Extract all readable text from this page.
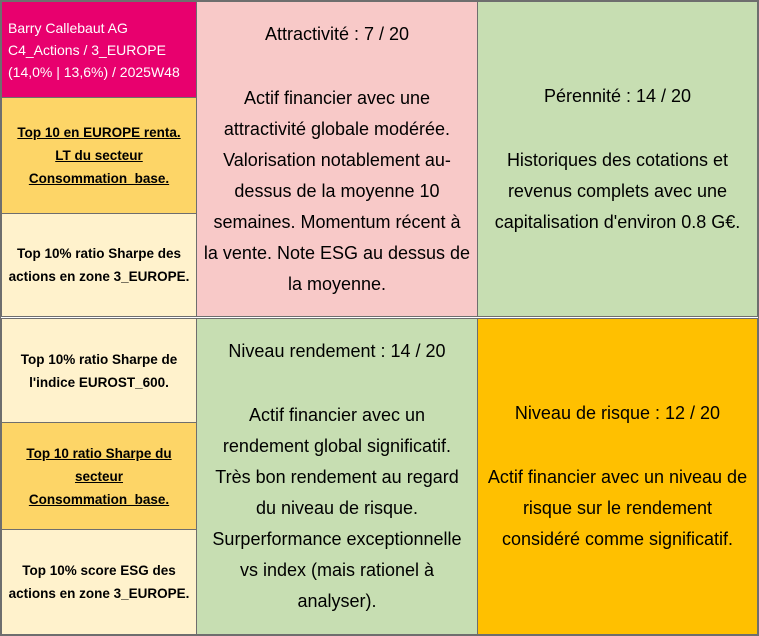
Barry Callebaut AG
C4_Actions / 3_EUROPE
(14,0% | 13,6%) / 2025W48
Top 10 en EUROPE renta.
LT du secteur
Consommation_base.
Top 10% ratio Sharpe des
actions en zone 3_EUROPE.
Top 10% ratio Sharpe de
l'indice EUROST_600.
Top 10 ratio Sharpe du
secteur
Consommation_base.
Top 10% score ESG des
actions en zone 3_EUROPE.
Attractivité : 7 / 20
Actif financier avec une
attractivité globale modérée.
Valorisation notablement au-
dessus de la moyenne 10
semaines. Momentum récent à
la vente. Note ESG au dessus de
la moyenne.
Pérennité : 14 / 20
Historiques des cotations et
revenus complets avec une
capitalisation d'environ 0.8 G€.
Niveau rendement : 14 / 20
Actif financier avec un
rendement global significatif.
Très bon rendement au regard
du niveau de risque.
Surperformance exceptionnelle
vs index (mais rationel à
analyser).
Niveau de risque : 12 / 20
Actif financier avec un niveau de
risque sur le rendement
considéré comme significatif.
